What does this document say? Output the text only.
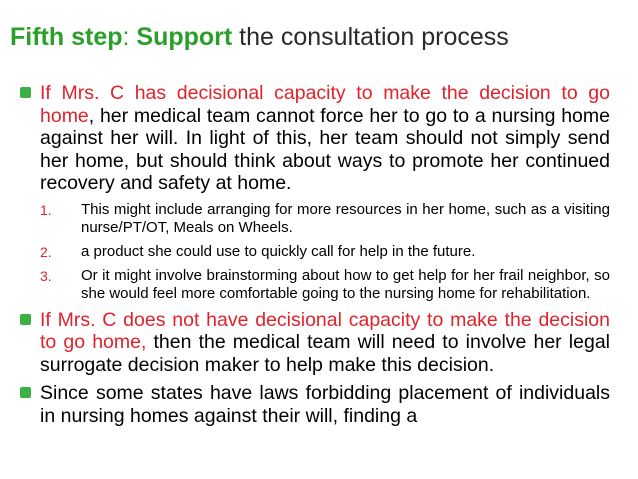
Fifth step: Support the consultation process
If Mrs. C has decisional capacity to make the decision to go home, her medical team cannot force her to go to a nursing home against her will. In light of this, her team should not simply send her home, but should think about ways to promote her continued recovery and safety at home.
1. This might include arranging for more resources in her home, such as a visiting nurse/PT/OT, Meals on Wheels.
2. a product she could use to quickly call for help in the future.
3. Or it might involve brainstorming about how to get help for her frail neighbor, so she would feel more comfortable going to the nursing home for rehabilitation.
If Mrs. C does not have decisional capacity to make the decision to go home, then the medical team will need to involve her legal surrogate decision maker to help make this decision.
Since some states have laws forbidding placement of individuals in nursing homes against their will, finding a
